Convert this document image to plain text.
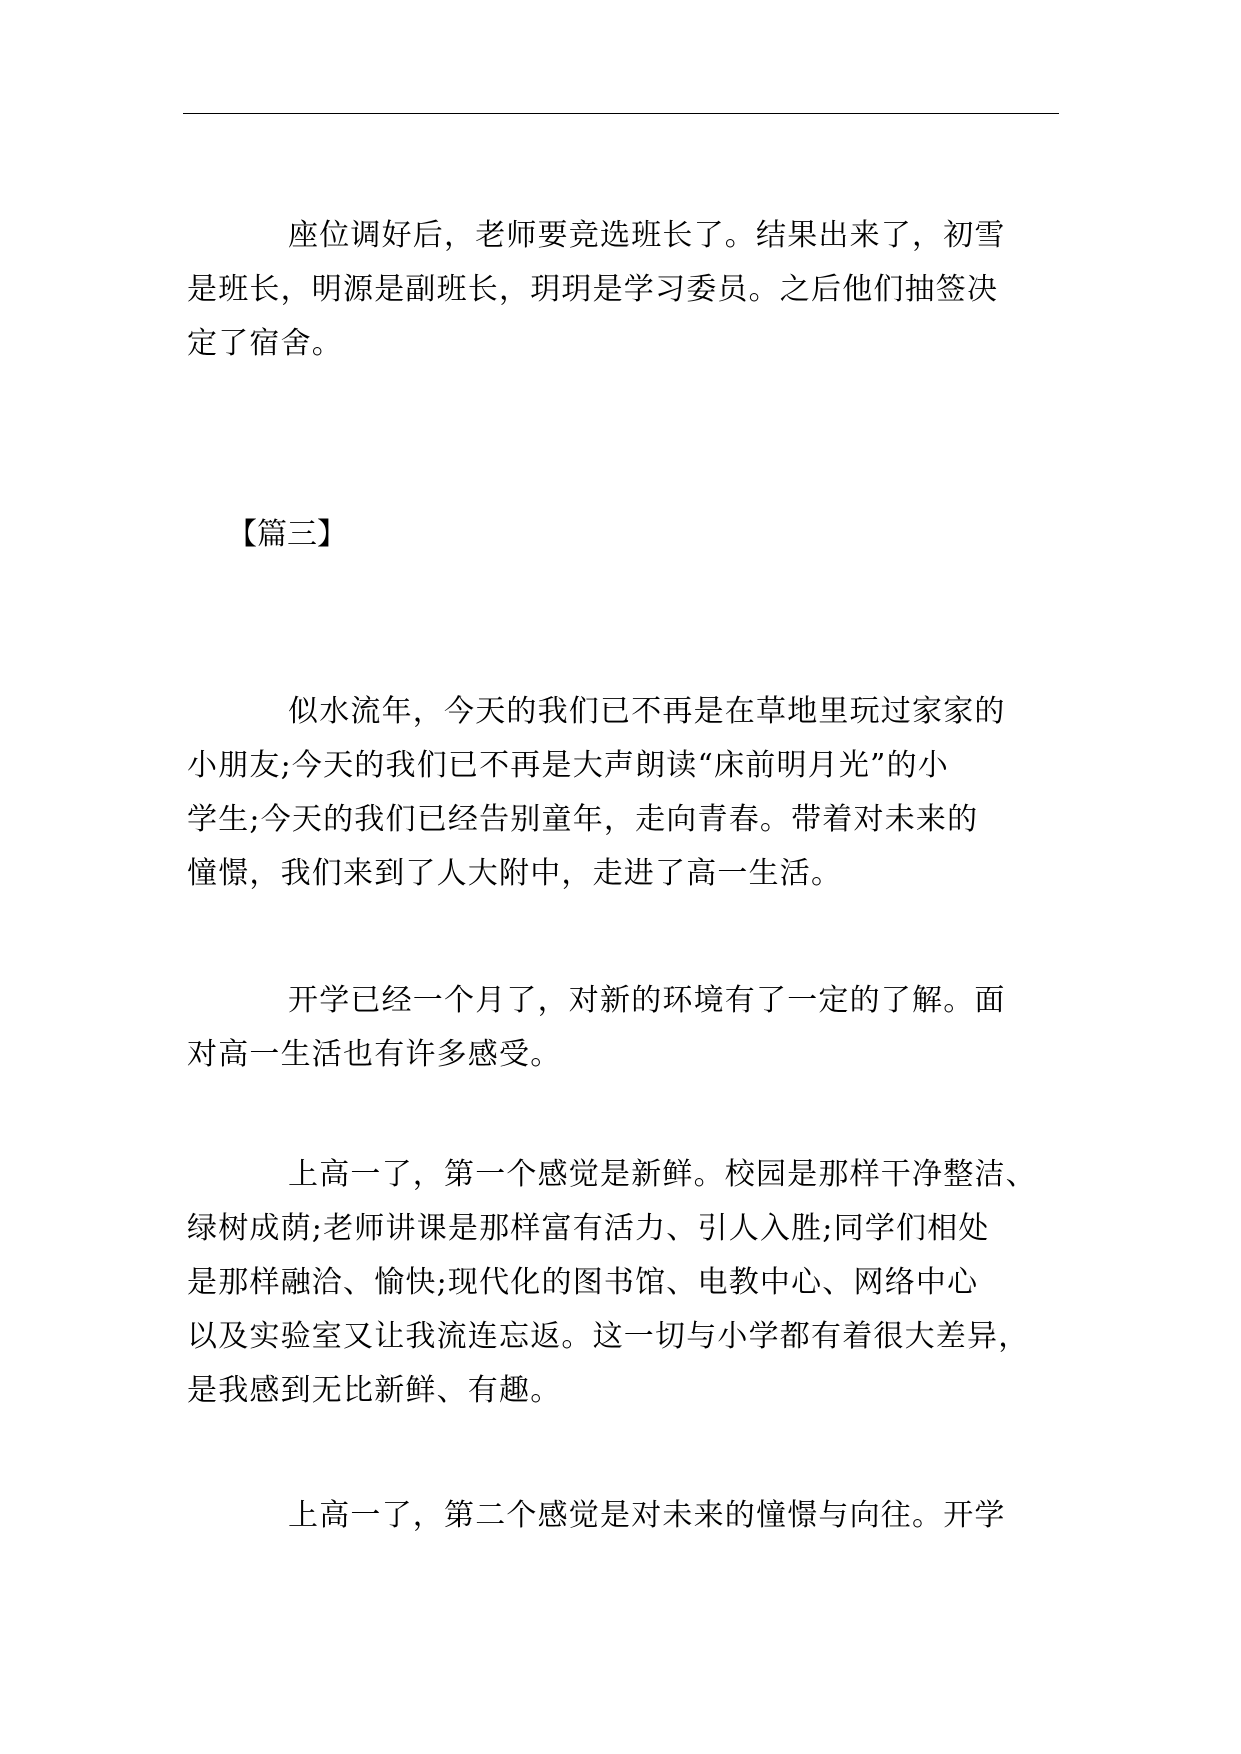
座位调好后，老师要竞选班长了。结果出来了，初雪
是班长，明源是副班长，玥玥是学习委员。之后他们抽签决
定了宿舍。

【篇三】

似水流年，今天的我们已不再是在草地里玩过家家的
小朋友;今天的我们已不再是大声朗读“床前明月光”的小
学生;今天的我们已经告别童年，走向青春。带着对未来的
憧憬，我们来到了人大附中，走进了高一生活。

开学已经一个月了，对新的环境有了一定的了解。面
对高一生活也有许多感受。

上高一了，第一个感觉是新鲜。校园是那样干净整洁、
绿树成荫;老师讲课是那样富有活力、引人入胜;同学们相处
是那样融洽、愉快;现代化的图书馆、电教中心、网络中心
以及实验室又让我流连忘返。这一切与小学都有着很大差异，
是我感到无比新鲜、有趣。

上高一了，第二个感觉是对未来的憧憬与向往。开学
